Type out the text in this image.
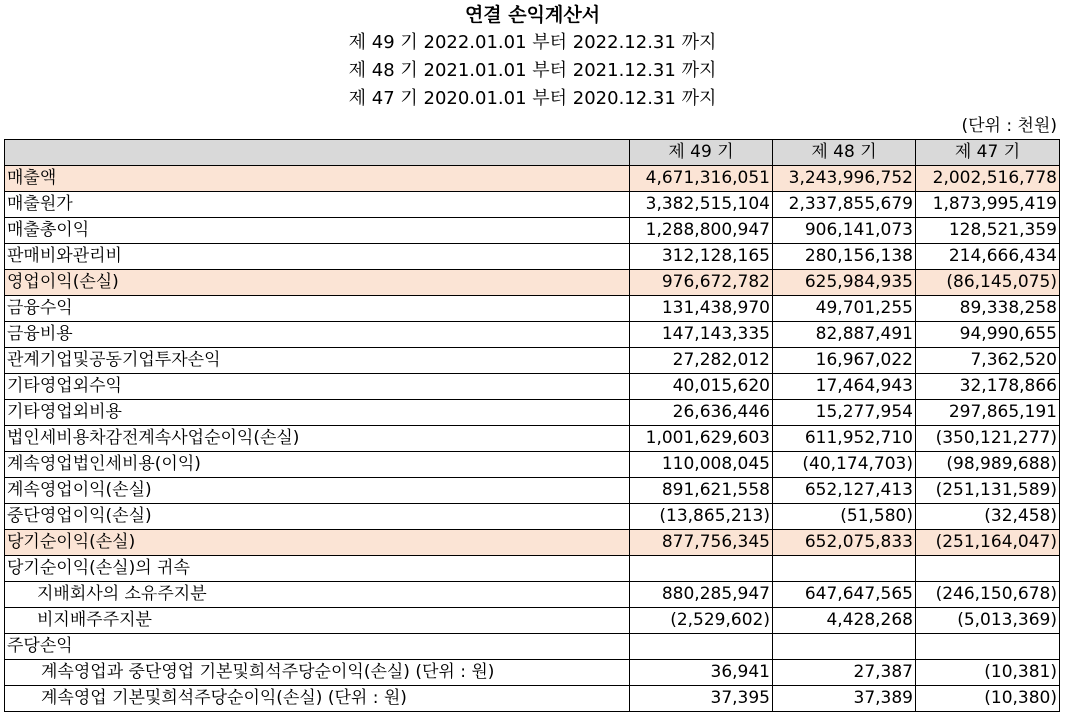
연결 손익계산서
제 49 기 2022.01.01 부터 2022.12.31 까지
제 48 기 2021.01.01 부터 2021.12.31 까지
제 47 기 2020.01.01 부터 2020.12.31 까지
(단위 : 천원)
	제 49 기	제 48 기	제 47 기
매출액	4,671,316,051	3,243,996,752	2,002,516,778
매출원가	3,382,515,104	2,337,855,679	1,873,995,419
매출총이익	1,288,800,947	906,141,073	128,521,359
판매비와관리비	312,128,165	280,156,138	214,666,434
영업이익(손실)	976,672,782	625,984,935	(86,145,075)
금융수익	131,438,970	49,701,255	89,338,258
금융비용	147,143,335	82,887,491	94,990,655
관계기업및공동기업투자손익	27,282,012	16,967,022	7,362,520
기타영업외수익	40,015,620	17,464,943	32,178,866
기타영업외비용	26,636,446	15,277,954	297,865,191
법인세비용차감전계속사업순이익(손실)	1,001,629,603	611,952,710	(350,121,277)
계속영업법인세비용(이익)	110,008,045	(40,174,703)	(98,989,688)
계속영업이익(손실)	891,621,558	652,127,413	(251,131,589)
중단영업이익(손실)	(13,865,213)	(51,580)	(32,458)
당기순이익(손실)	877,756,345	652,075,833	(251,164,047)
당기순이익(손실)의 귀속			
지배회사의 소유주지분	880,285,947	647,647,565	(246,150,678)
비지배주주지분	(2,529,602)	4,428,268	(5,013,369)
주당손익			
계속영업과 중단영업 기본및희석주당순이익(손실) (단위 : 원)	36,941	27,387	(10,381)
계속영업 기본및희석주당순이익(손실) (단위 : 원)	37,395	37,389	(10,380)
